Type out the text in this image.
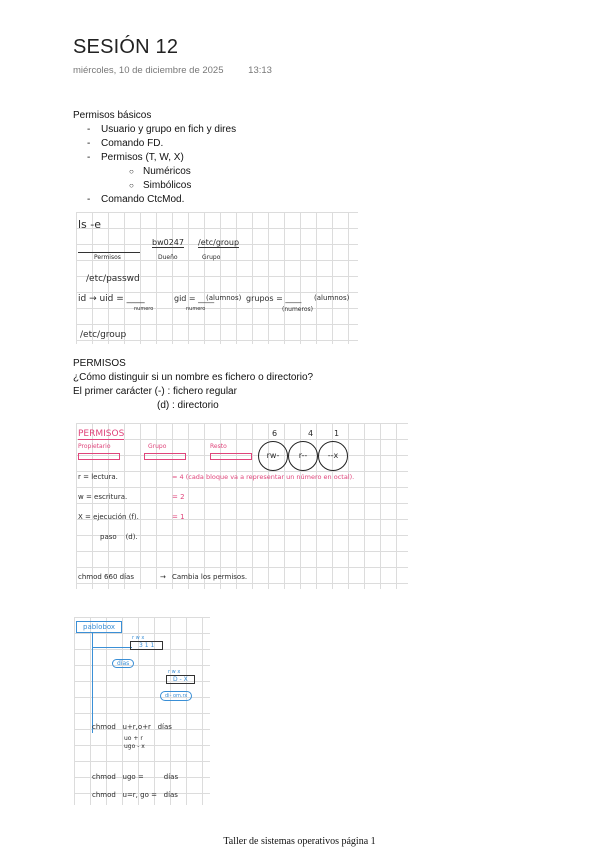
SESIÓN 12
miércoles, 10 de diciembre de 2025	13:13
Permisos básicos
- Usuario y grupo en fich y dires
- Comando FD.
- Permisos (T, W, X)
○ Numéricos
○ Simbólicos
- Comando CtcMod.
ls -e
bw0247 /etc/group
Permisos	Dueño	Grupo
/etc/passwd
id → uid = ____	gid = ____
(alumnos) grupos = ____ (alumnos)
numero	numero	(numeros)
/etc/group
PERMISOS
¿Cómo distinguir si un nombre es fichero o directorio?
El primer carácter (-) : fichero regular
(d) : directorio
PERMISOS
Propietario	Grupo	Resto
6	4	1
rw-	r--	--x
r = lectura.	= 4 (cada bloque va a representar un número en octal).
w = escritura.	= 2
X = ejecución (f).	= 1
paso    (d).
chmod 660 días	→ Cambia los permisos.
pablobox
r w x
3 1 1
días
r w x
D - X
di- om.rx
chmod   u+r,o+r   días
uo + r
ugo - x
chmod   ugo =         días
chmod   u=r, go =   días
Taller de sistemas operativos página 1
